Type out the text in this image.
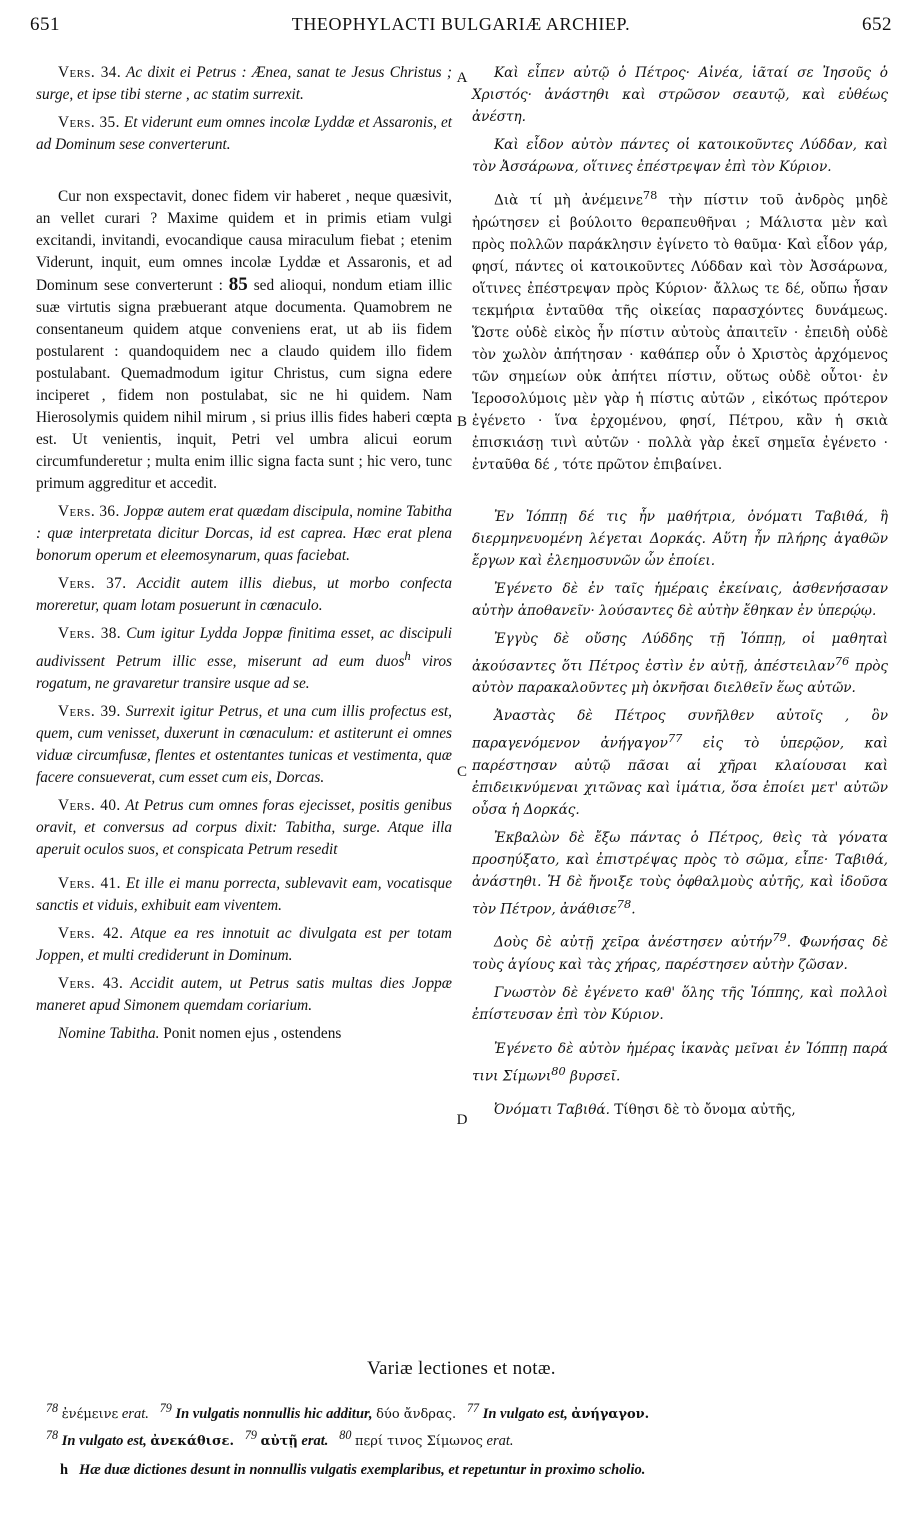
651	THEOPHYLACTI BULGARIÆ ARCHIEP.	652
A
B
C
D

Vers. 34. Ac dixit ei Petrus : Ænea, sanat te Jesus Christus ; surge, et ipse tibi sterne , ac statim surrexit.

Vers. 35. Et viderunt eum omnes incolæ Lyddæ et Assaronis, et ad Dominum sese converterunt.

Cur non exspectavit, donec fidem vir haberet , neque quæsivit, an vellet curari ? Maxime quidem et in primis etiam vulgi excitandi, invitandi, evocandique causa miraculum fiebat ; etenim Viderunt, inquit, eum omnes incolæ Lyddæ et Assaronis, et ad Dominum sese converterunt : 85 sed alioqui, nondum etiam illic suæ virtutis signa præbuerant atque documenta. Quamobrem ne consentaneum quidem atque conveniens erat, ut ab iis fidem postularent : quandoquidem nec a claudo quidem illo fidem postulabant. Quemadmodum igitur Christus, cum signa edere inciperet , fidem non postulabat, sic ne hi quidem. Nam Hierosolymis quidem nihil mirum , si prius illis fides haberi cœpta est. Ut venientis, inquit, Petri vel umbra alicui eorum circumfunderetur ; multa enim illic signa facta sunt ; hic vero, tunc primum aggreditur et accedit.

Vers. 36. Joppæ autem erat quædam discipula, nomine Tabitha : quæ interpretata dicitur Dorcas, id est caprea. Hæc erat plena bonorum operum et eleemosynarum, quas faciebat.

Vers. 37. Accidit autem illis diebus, ut morbo confecta moreretur, quam lotam posuerunt in cœnaculo.

Vers. 38. Cum igitur Lydda Joppæ finitima esset, ac discipuli audivissent Petrum illic esse, miserunt ad eum duos$^h$ viros rogatum, ne gravaretur transire usque ad se.

Vers. 39. Surrexit igitur Petrus, et una cum illis profectus est, quem, cum venisset, duxerunt in cœnaculum: et astiterunt ei omnes viduæ circumfusæ, flentes et ostentantes tunicas et vestimenta, quæ facere consueverat, cum esset cum eis, Dorcas.

Vers. 40. At Petrus cum omnes foras ejecisset, positis genibus oravit, et conversus ad corpus dixit: Tabitha, surge. Atque illa aperuit oculos suos, et conspicata Petrum resedit

Vers. 41. Et ille ei manu porrecta, sublevavit eam, vocatisque sanctis et viduis, exhibuit eam viventem.

Vers. 42. Atque ea res innotuit ac divulgata est per totam Joppen, et multi crediderunt in Dominum.

Vers. 43. Accidit autem, ut Petrus satis multas dies Joppæ maneret apud Simonem quemdam coriarium.

Nomine Tabitha. Ponit nomen ejus , ostendens

Καὶ εἶπεν αὐτῷ ὁ Πέτρος· Αἰνέα, ἰᾶταί σε Ἰησοῦς ὁ Χριστός· ἀνάστηθι καὶ στρῶσον σεαυτῷ, καὶ εὐθέως ἀνέστη.

Καὶ εἶδον αὐτὸν πάντες οἱ κατοικοῦντες Λύδδαν, καὶ τὸν Ἀσσάρωνα, οἵτινες ἐπέστρεψαν ἐπὶ τὸν Κύριον.

Διὰ τί μὴ ἀνέμεινε$^{78}$ τὴν πίστιν τοῦ ἀνδρὸς μηδὲ ἠρώτησεν εἰ βούλοιτο θεραπευθῆναι ; Μάλιστα μὲν καὶ πρὸς πολλῶν παράκλησιν ἐγίνετο τὸ θαῦμα· Καὶ εἶδον γάρ, φησί, πάντες οἱ κατοικοῦντες Λύδδαν καὶ τὸν Ἀσσάρωνα, οἵτινες ἐπέστρεψαν πρὸς Κύριον· ἄλλως τε δέ, οὔπω ἦσαν τεκμήρια ἐνταῦθα τῆς οἰκείας παρασχόντες δυνάμεως. Ὥστε οὐδὲ εἰκὸς ἦν πίστιν αὐτοὺς ἀπαιτεῖν · ἐπειδὴ οὐδὲ τὸν χωλὸν ἀπήτησαν · καθάπερ οὖν ὁ Χριστὸς ἀρχόμενος τῶν σημείων οὐκ ἀπήτει πίστιν, οὕτως οὐδὲ οὗτοι· ἐν Ἱεροσολύμοις μὲν γὰρ ἡ πίστις αὐτῶν , εἰκότως πρότερον ἐγένετο · ἵνα ἐρχομένου, φησί, Πέτρου, κἂν ἡ σκιὰ ἐπισκιάσῃ τινὶ αὐτῶν · πολλὰ γὰρ ἐκεῖ σημεῖα ἐγένετο · ἐνταῦθα δέ , τότε πρῶτον ἐπιβαίνει.

Ἐν Ἰόππῃ δέ τις ἦν μαθήτρια, ὀνόματι Ταβιθά, ἣ διερμηνευομένη λέγεται Δορκάς. Αὕτη ἦν πλήρης ἀγαθῶν ἔργων καὶ ἐλεημοσυνῶν ὧν ἐποίει.

Ἐγένετο δὲ ἐν ταῖς ἡμέραις ἐκείναις, ἀσθενήσασαν αὐτὴν ἀποθανεῖν· λούσαντες δὲ αὐτὴν ἔθηκαν ἐν ὑπερῴῳ.

Ἐγγὺς δὲ οὔσης Λύδδης τῇ Ἰόππῃ, οἱ μαθηταὶ ἀκούσαντες ὅτι Πέτρος ἐστὶν ἐν αὐτῇ, ἀπέστειλαν$^{76}$ πρὸς αὐτὸν παρακαλοῦντες μὴ ὀκνῆσαι διελθεῖν ἕως αὐτῶν.

Ἀναστὰς δὲ Πέτρος συνῆλθεν αὐτοῖς , ὃν παραγενόμενον ἀνήγαγον$^{77}$ εἰς τὸ ὑπερῷον, καὶ παρέστησαν αὐτῷ πᾶσαι αἱ χῆραι κλαίουσαι καὶ ἐπιδεικνύμεναι χιτῶνας καὶ ἱμάτια, ὅσα ἐποίει μετ' αὐτῶν οὖσα ἡ Δορκάς.

Ἐκβαλὼν δὲ ἔξω πάντας ὁ Πέτρος, θεὶς τὰ γόνατα προσηύξατο, καὶ ἐπιστρέψας πρὸς τὸ σῶμα, εἶπε· Ταβιθά, ἀνάστηθι. Ἡ δὲ ἤνοιξε τοὺς ὀφθαλμοὺς αὐτῆς, καὶ ἰδοῦσα τὸν Πέτρον, ἀνάθισε$^{78}$.

Δοὺς δὲ αὐτῇ χεῖρα ἀνέστησεν αὐτήν$^{79}$. Φωνήσας δὲ τοὺς ἁγίους καὶ τὰς χήρας, παρέστησεν αὐτὴν ζῶσαν.

Γνωστὸν δὲ ἐγένετο καθ' ὅλης τῆς Ἰόππης, καὶ πολλοὶ ἐπίστευσαν ἐπὶ τὸν Κύριον.

Ἐγένετο δὲ αὐτὸν ἡμέρας ἱκανὰς μεῖναι ἐν Ἰόππῃ παρά τινι Σίμωνι$^{80}$ βυρσεῖ.

Ὀνόματι Ταβιθά. Τίθησι δὲ τὸ ὄνομα αὐτῆς,

Variæ lectiones et notæ.
$^{78}$ ἐνέμεινε erat. $^{79}$ In vulgatis nonnullis hic additur, δύο ἄνδρας. $^{77}$ In vulgato est, ἀνήγαγον.
$^{78}$ In vulgato est, ἀνεκάθισε. $^{79}$ αὐτῇ erat. $^{80}$ περί τινος Σίμωνος erat.
h Hæ duæ dictiones desunt in nonnullis vulgatis exemplaribus, et repetuntur in proximo scholio.
